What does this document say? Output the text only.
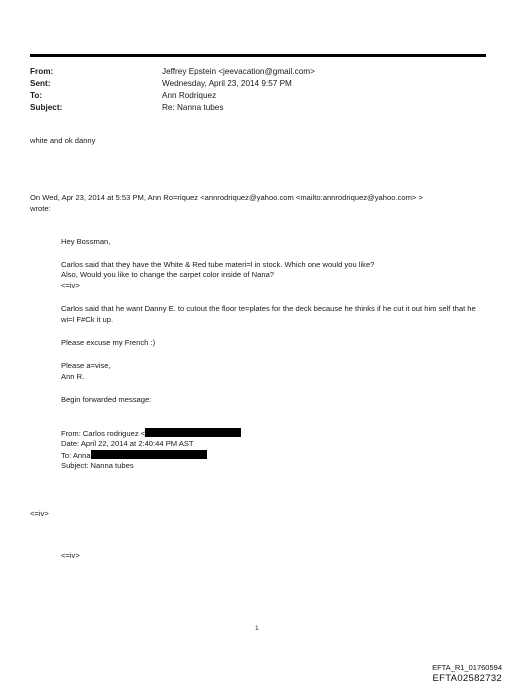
From:	Jeffrey Epstein <jeevacation@gmail.com>
Sent:	Wednesday, April 23, 2014 9:57 PM
To:	Ann Rodriquez
Subject:	Re: Nanna tubes
white and ok danny
On Wed, Apr 23, 2014 at 5:53 PM, Ann Ro=riquez <annrodriquez@yahoo.com <mailto:annrodriquez@yahoo.com> >
wrote:
Hey Bossman,
Carlos said that they have the White & Red tube materi=l in stock. Which one would you like?
Also, Would you like to change the carpet color inside of Nana?
<=iv>
Carlos said that he want Danny E. to cutout the floor te=plates for the deck because he thinks if he cut it out him self that he wi=l F#Ck it up.
Please excuse my French :)
Please a=vise,
Ann R.
Begin forwarded message:
From: Carlos rodriguez <
Date: April 22, 2014 at 2:40:44 PM AST
To: Anna
Subject: Nanna tubes
<=iv>
<=iv>
1
EFTA_R1_01760594
EFTA02582732
